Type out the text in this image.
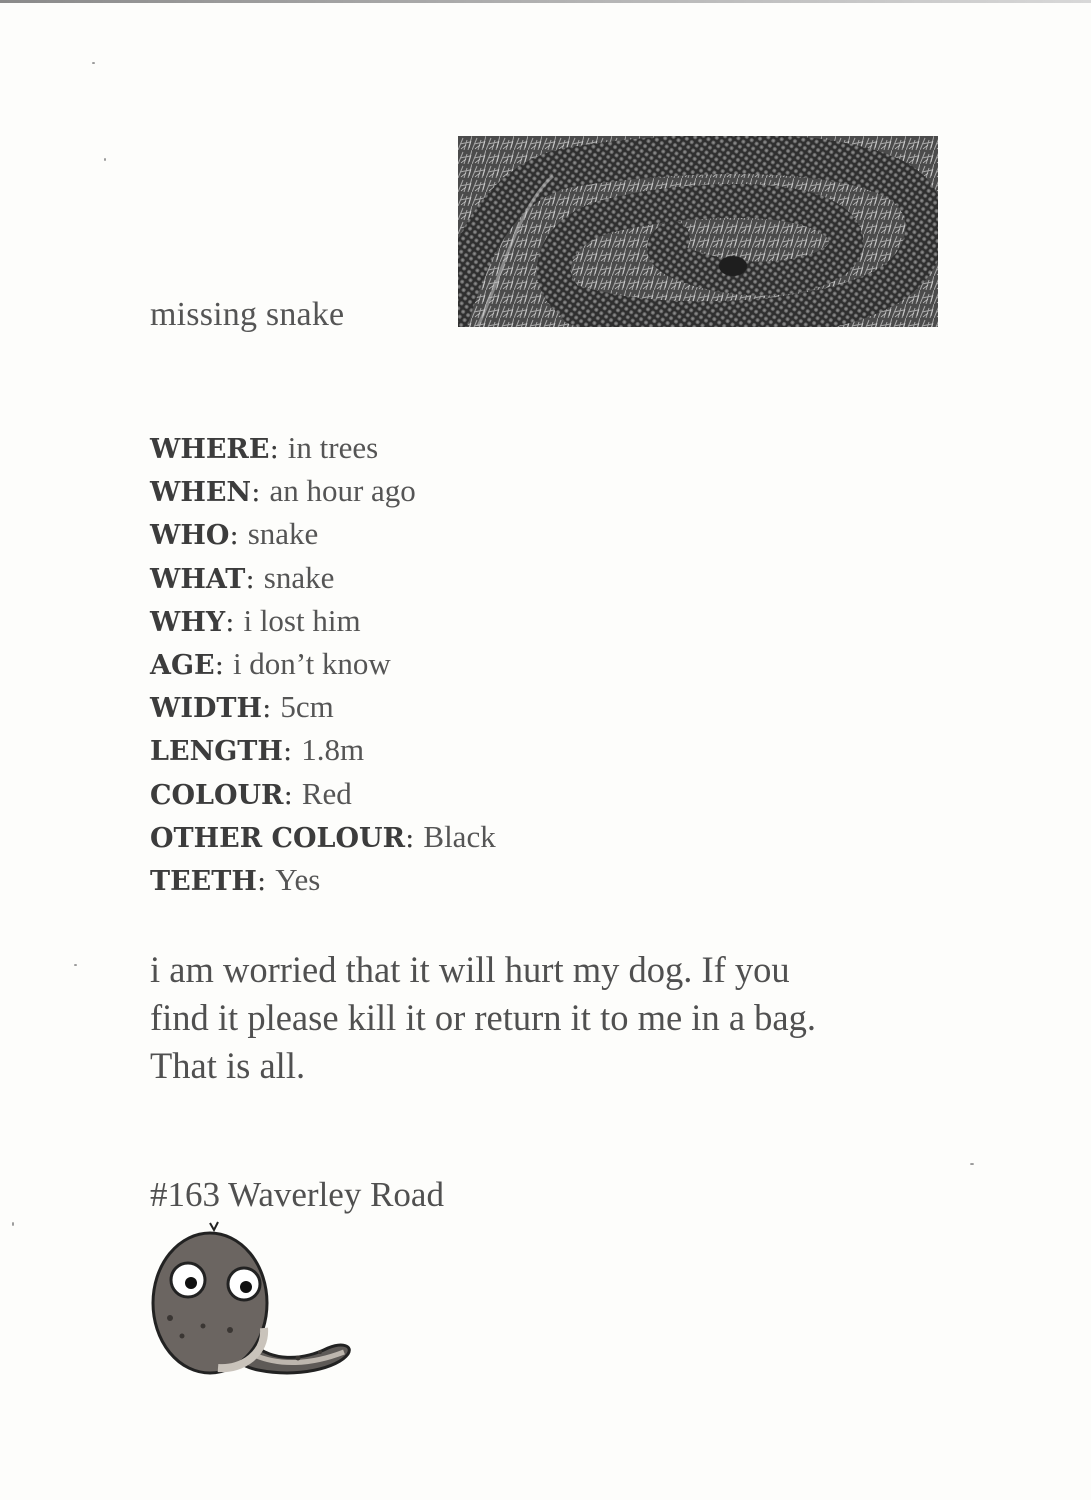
missing snake
WHERE: in trees
WHEN: an hour ago
WHO: snake
WHAT: snake
WHY: i lost him
AGE: i don’t know
WIDTH: 5cm
LENGTH: 1.8m
COLOUR: Red
OTHER COLOUR: Black
TEETH: Yes

i am worried that it will hurt my dog. If you
find it please kill it or return it to me in a bag.
That is all.

#163 Waverley Road
